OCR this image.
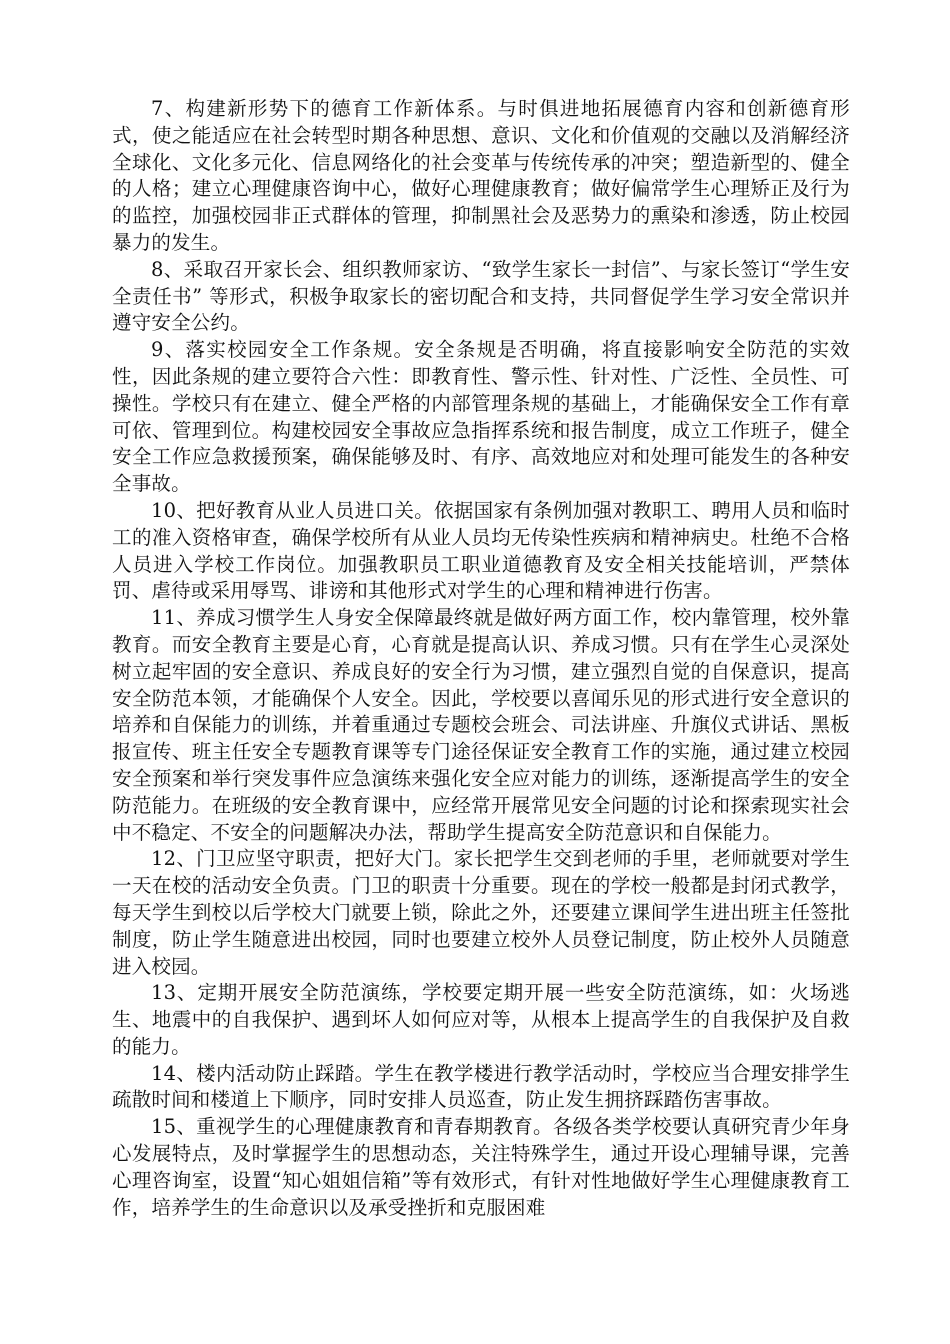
7、构建新形势下的德育工作新体系。与时俱进地拓展德育内容和创新德育形式，使之能适应在社会转型时期各种思想、意识、文化和价值观的交融以及消解经济全球化、文化多元化、信息网络化的社会变革与传统传承的冲突；塑造新型的、健全的人格；建立心理健康咨询中心，做好心理健康教育；做好偏常学生心理矫正及行为的监控，加强校园非正式群体的管理，抑制黑社会及恶势力的熏染和渗透，防止校园暴力的发生。

8、采取召开家长会、组织教师家访、“致学生家长一封信”、与家长签订“学生安全责任书” 等形式，积极争取家长的密切配合和支持，共同督促学生学习安全常识并遵守安全公约。

9、落实校园安全工作条规。安全条规是否明确，将直接影响安全防范的实效性，因此条规的建立要符合六性：即教育性、警示性、针对性、广泛性、全员性、可操性。学校只有在建立、健全严格的内部管理条规的基础上，才能确保安全工作有章可依、管理到位。构建校园安全事故应急指挥系统和报告制度，成立工作班子，健全安全工作应急救援预案，确保能够及时、有序、高效地应对和处理可能发生的各种安全事故。

10、把好教育从业人员进口关。依据国家有条例加强对教职工、聘用人员和临时工的准入资格审查，确保学校所有从业人员均无传染性疾病和精神病史。杜绝不合格人员进入学校工作岗位。加强教职员工职业道德教育及安全相关技能培训，严禁体罚、虐待或采用辱骂、诽谤和其他形式对学生的心理和精神进行伤害。

11、养成习惯学生人身安全保障最终就是做好两方面工作，校内靠管理，校外靠教育。而安全教育主要是心育，心育就是提高认识、养成习惯。只有在学生心灵深处树立起牢固的安全意识、养成良好的安全行为习惯，建立强烈自觉的自保意识，提高安全防范本领，才能确保个人安全。因此，学校要以喜闻乐见的形式进行安全意识的培养和自保能力的训练，并着重通过专题校会班会、司法讲座、升旗仪式讲话、黑板报宣传、班主任安全专题教育课等专门途径保证安全教育工作的实施，通过建立校园安全预案和举行突发事件应急演练来强化安全应对能力的训练，逐渐提高学生的安全防范能力。在班级的安全教育课中，应经常开展常见安全问题的讨论和探索现实社会中不稳定、不安全的问题解决办法，帮助学生提高安全防范意识和自保能力。

12、门卫应坚守职责，把好大门。家长把学生交到老师的手里，老师就要对学生一天在校的活动安全负责。门卫的职责十分重要。现在的学校一般都是封闭式教学，每天学生到校以后学校大门就要上锁，除此之外，还要建立课间学生进出班主任签批制度，防止学生随意进出校园，同时也要建立校外人员登记制度，防止校外人员随意进入校园。

13、定期开展安全防范演练，学校要定期开展一些安全防范演练，如：火场逃生、地震中的自我保护、遇到坏人如何应对等，从根本上提高学生的自我保护及自救的能力。

14、楼内活动防止踩踏。学生在教学楼进行教学活动时，学校应当合理安排学生疏散时间和楼道上下顺序，同时安排人员巡查，防止发生拥挤踩踏伤害事故。

15、重视学生的心理健康教育和青春期教育。各级各类学校要认真研究青少年身心发展特点，及时掌握学生的思想动态，关注特殊学生，通过开设心理辅导课，完善心理咨询室，设置“知心姐姐信箱”等有效形式，有针对性地做好学生心理健康教育工作，培养学生的生命意识以及承受挫折和克服困难
